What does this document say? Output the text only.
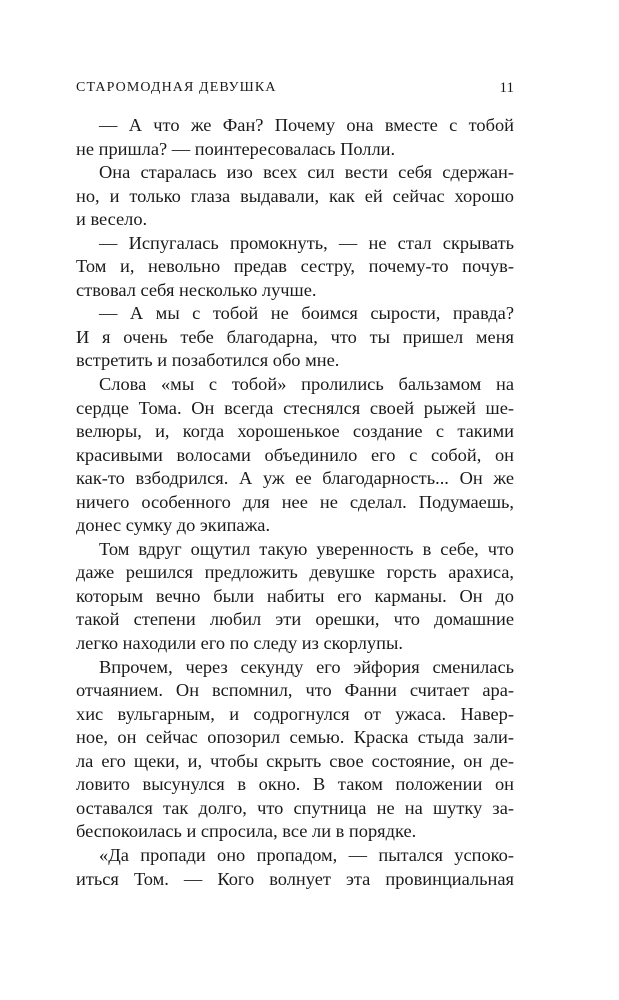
СТАРОМОДНАЯ ДЕВУШКА	11
— А что же Фан? Почему она вместе с тобой
не пришла? — поинтересовалась Полли.
Она старалась изо всех сил вести себя сдержан-
но, и только глаза выдавали, как ей сейчас хорошо
и весело.
— Испугалась промокнуть, — не стал скрывать
Том и, невольно предав сестру, почему-то почув-
ствовал себя несколько лучше.
— А мы с тобой не боимся сырости, правда?
И я очень тебе благодарна, что ты пришел меня
встретить и позаботился обо мне.
Слова «мы с тобой» пролились бальзамом на
сердце Тома. Он всегда стеснялся своей рыжей ше-
велюры, и, когда хорошенькое создание с такими
красивыми волосами объединило его с собой, он
как-то взбодрился. А уж ее благодарность... Он же
ничего особенного для нее не сделал. Подумаешь,
донес сумку до экипажа.
Том вдруг ощутил такую уверенность в себе, что
даже решился предложить девушке горсть арахиса,
которым вечно были набиты его карманы. Он до
такой степени любил эти орешки, что домашние
легко находили его по следу из скорлупы.
Впрочем, через секунду его эйфория сменилась
отчаянием. Он вспомнил, что Фанни считает ара-
хис вульгарным, и содрогнулся от ужаса. Навер-
ное, он сейчас опозорил семью. Краска стыда зали-
ла его щеки, и, чтобы скрыть свое состояние, он де-
ловито высунулся в окно. В таком положении он
оставался так долго, что спутница не на шутку за-
беспокоилась и спросила, все ли в порядке.
«Да пропади оно пропадом, — пытался успоко-
иться Том. — Кого волнует эта провинциальная
